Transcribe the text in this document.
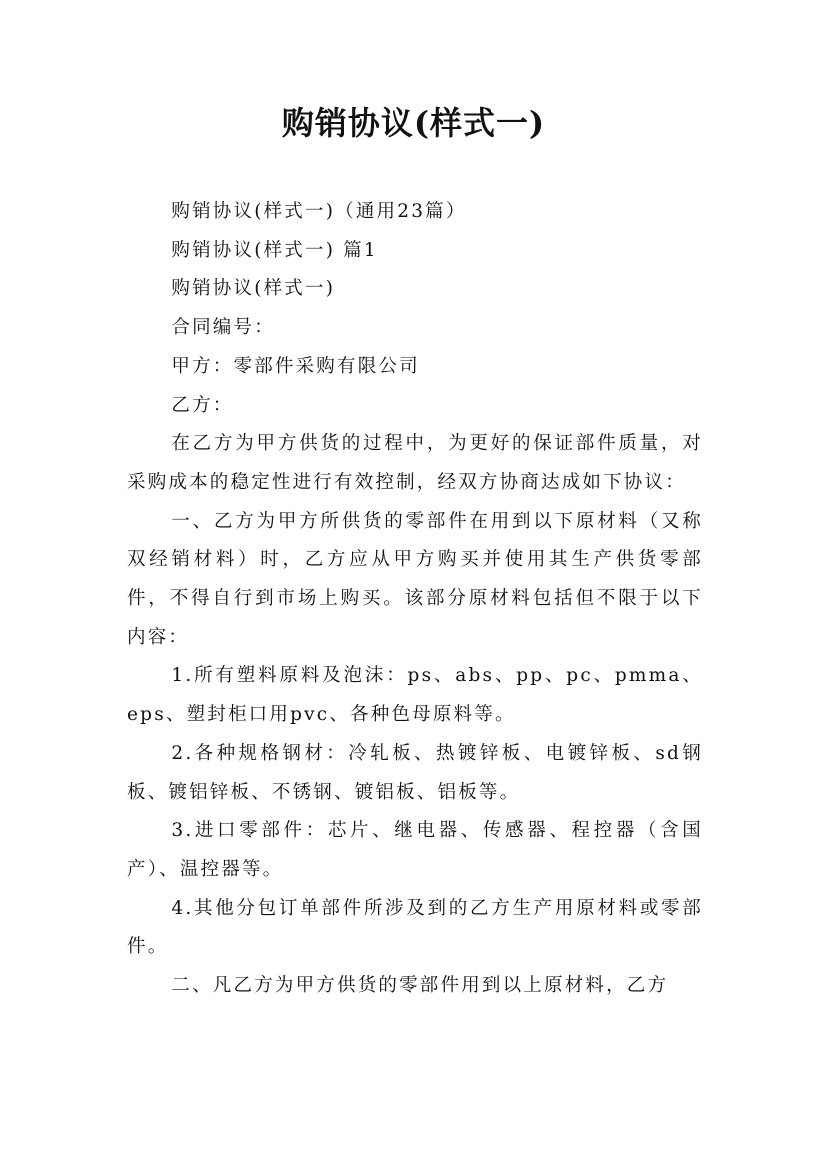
购销协议(样式一)

购销协议(样式一)（通用23篇）

购销协议(样式一) 篇1

购销协议(样式一)

合同编号：

甲方：零部件采购有限公司

乙方：

在乙方为甲方供货的过程中，为更好的保证部件质量，对采购成本的稳定性进行有效控制，经双方协商达成如下协议：

一、乙方为甲方所供货的零部件在用到以下原材料（又称双经销材料）时，乙方应从甲方购买并使用其生产供货零部件，不得自行到市场上购买。该部分原材料包括但不限于以下内容：

1.所有塑料原料及泡沫：ps、abs、pp、pc、pmma、eps、塑封柜口用pvc、各种色母原料等。

2.各种规格钢材：冷轧板、热镀锌板、电镀锌板、sd钢板、镀铝锌板、不锈钢、镀铝板、铝板等。

3.进口零部件：芯片、继电器、传感器、程控器（含国产）、温控器等。

4.其他分包订单部件所涉及到的乙方生产用原材料或零部件。

二、凡乙方为甲方供货的零部件用到以上原材料，乙方
